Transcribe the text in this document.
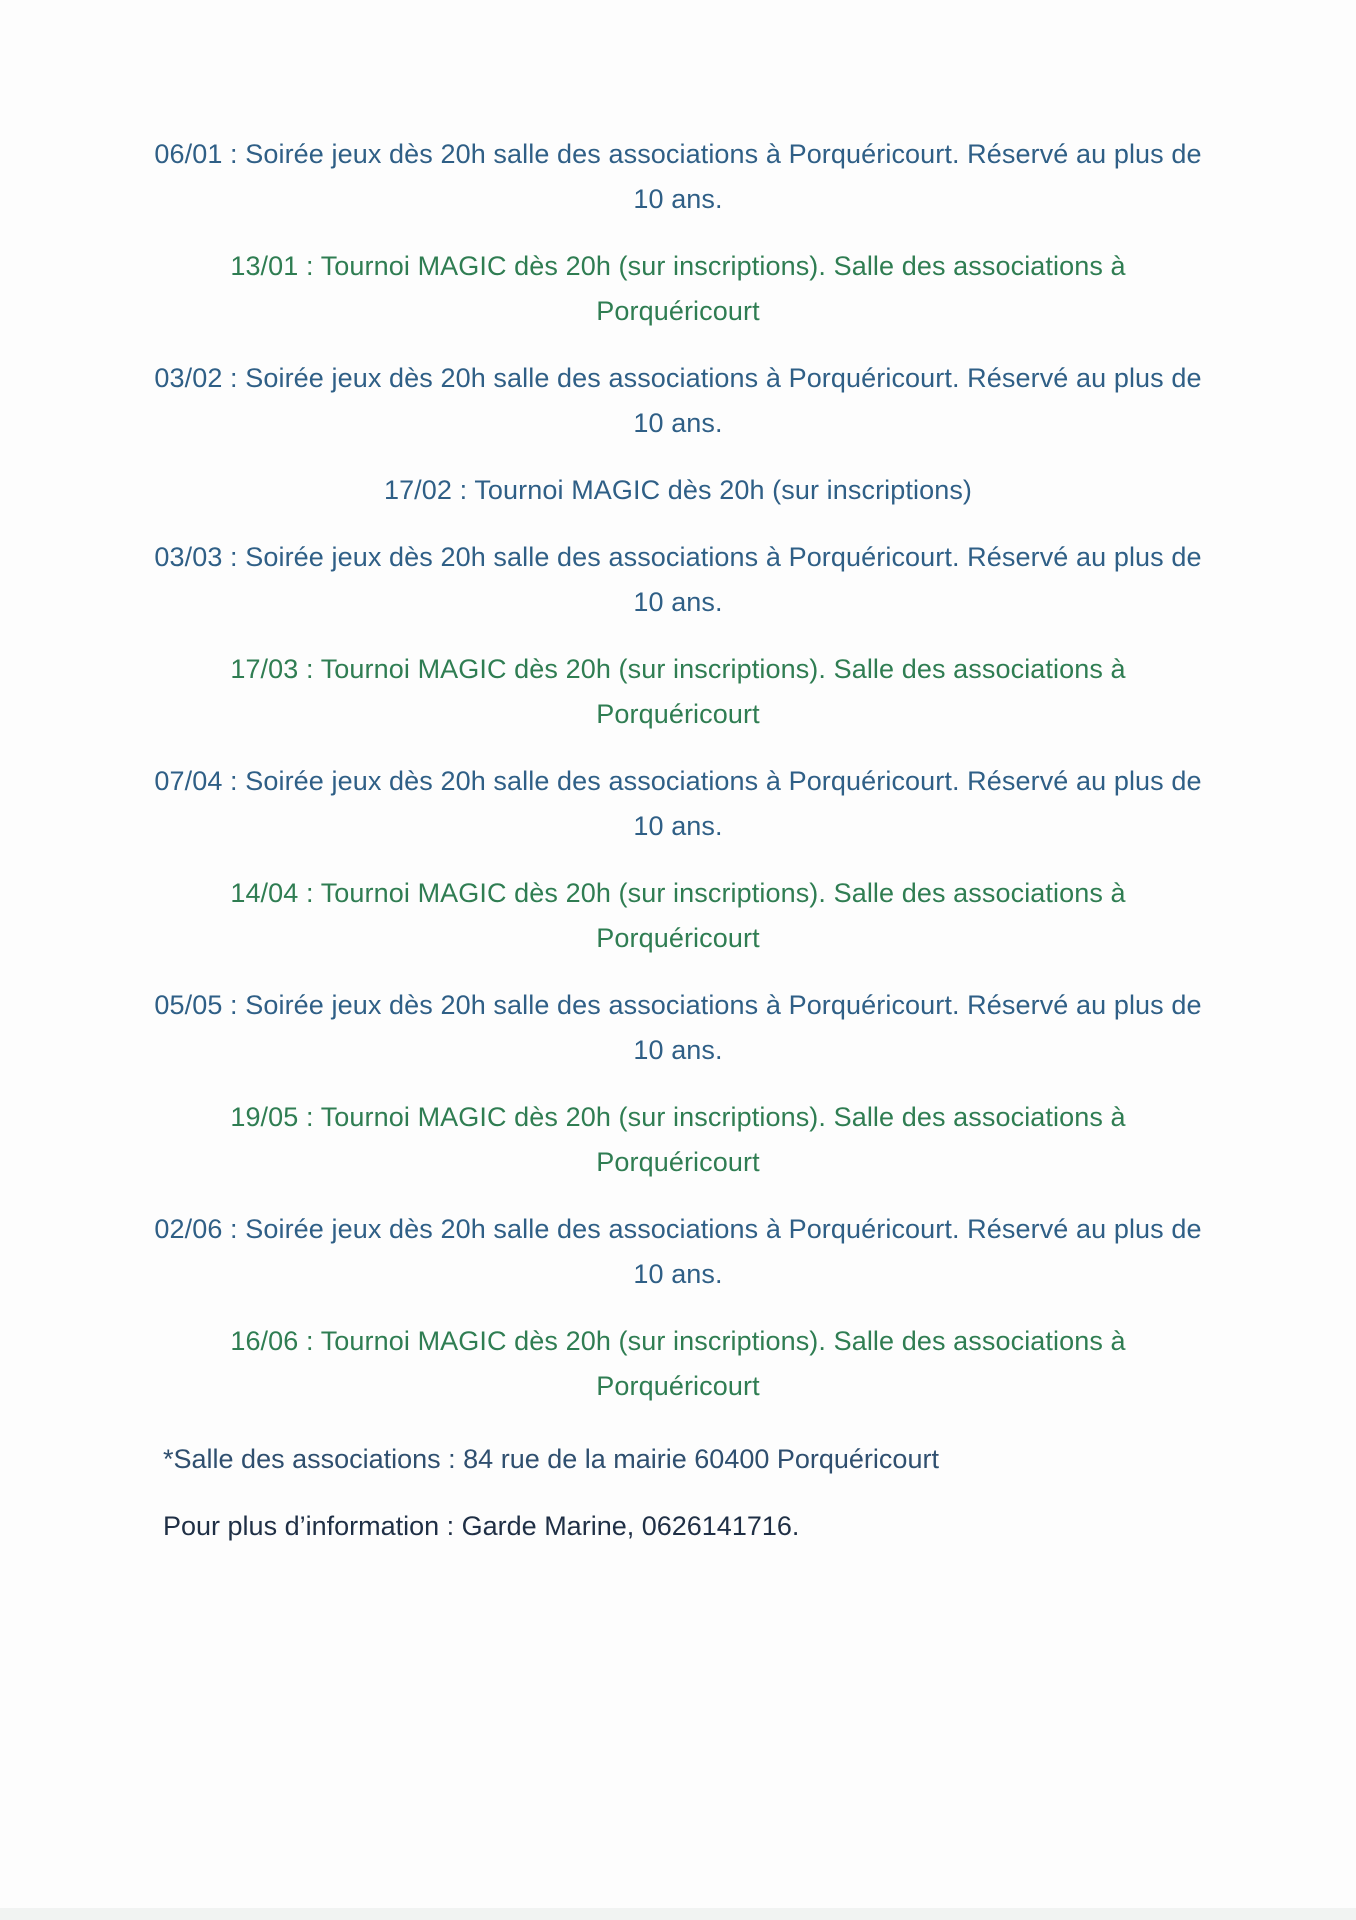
06/01 : Soirée jeux dès 20h salle des associations à Porquéricourt. Réservé au plus de 10 ans.

13/01 : Tournoi MAGIC dès 20h (sur inscriptions). Salle des associations à Porquéricourt

03/02 : Soirée jeux dès 20h salle des associations à Porquéricourt. Réservé au plus de 10 ans.

17/02 : Tournoi MAGIC dès 20h (sur inscriptions)

03/03 : Soirée jeux dès 20h salle des associations à Porquéricourt. Réservé au plus de 10 ans.

17/03 : Tournoi MAGIC dès 20h (sur inscriptions). Salle des associations à Porquéricourt

07/04 : Soirée jeux dès 20h salle des associations à Porquéricourt. Réservé au plus de 10 ans.

14/04 : Tournoi MAGIC dès 20h (sur inscriptions). Salle des associations à Porquéricourt

05/05 : Soirée jeux dès 20h salle des associations à Porquéricourt. Réservé au plus de 10 ans.

19/05 : Tournoi MAGIC dès 20h (sur inscriptions). Salle des associations à Porquéricourt

02/06 : Soirée jeux dès 20h salle des associations à Porquéricourt. Réservé au plus de 10 ans.

16/06 : Tournoi MAGIC dès 20h (sur inscriptions). Salle des associations à Porquéricourt

*Salle des associations : 84 rue de la mairie 60400 Porquéricourt

Pour plus d’information : Garde Marine, 0626141716.
